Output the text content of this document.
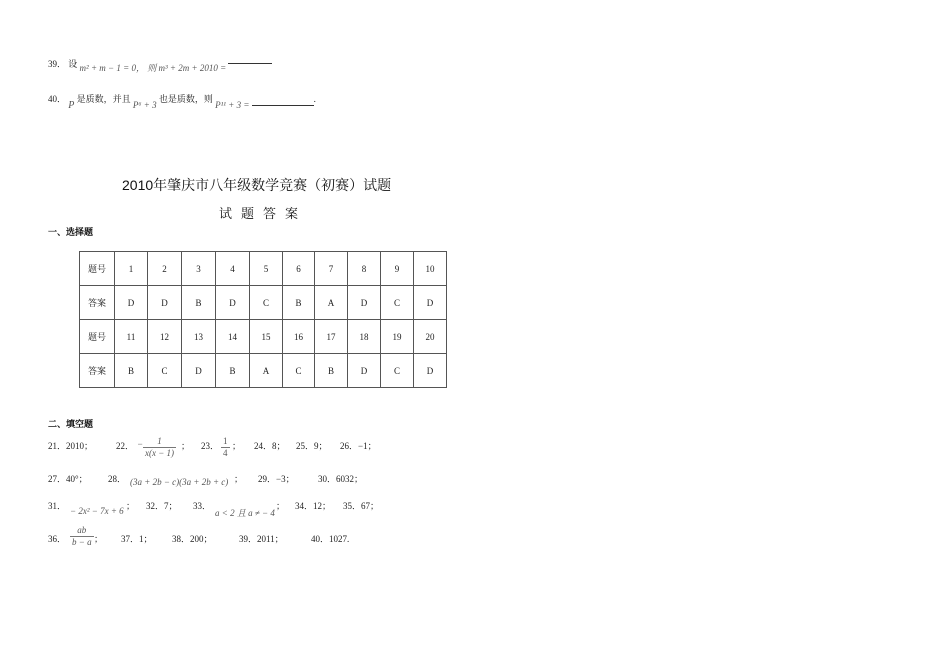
39． 设 m² + m − 1 = 0， 则 m³ + 2m + 2010 =
40． P 是质数，并且 P⁶ + 3 也是质数，则 P¹¹ + 3 = .
2010年肇庆市八年级数学竞赛（初赛）试题
试题答案
一、选择题
题号	1	2	3	4	5	6	7	8	9	10
答案	D	D	B	D	C	B	A	D	C	D
题号	11	12	13	14	15	16	17	18	19	20
答案	B	C	D	B	A	C	B	D	C	D
二、填空题
21．2010；	22． − $\frac{1}{x(x - 1)}$ ； 23． $\frac{1}{4}$ ； 24．8； 25．9； 26．−1；
27．40°； 28． (3a + 2b − c)(3a + 2b + c) ； 29．−3；	30．6032；
31． − 2x² − 7x + 6 ； 32．7； 33．
a < 2 且 a ≠ − 4
； 34．12； 35．67；
36． $\frac{ab}{b - a}$ ； 37．1； 38．200；	39．2011；	40．1027.
